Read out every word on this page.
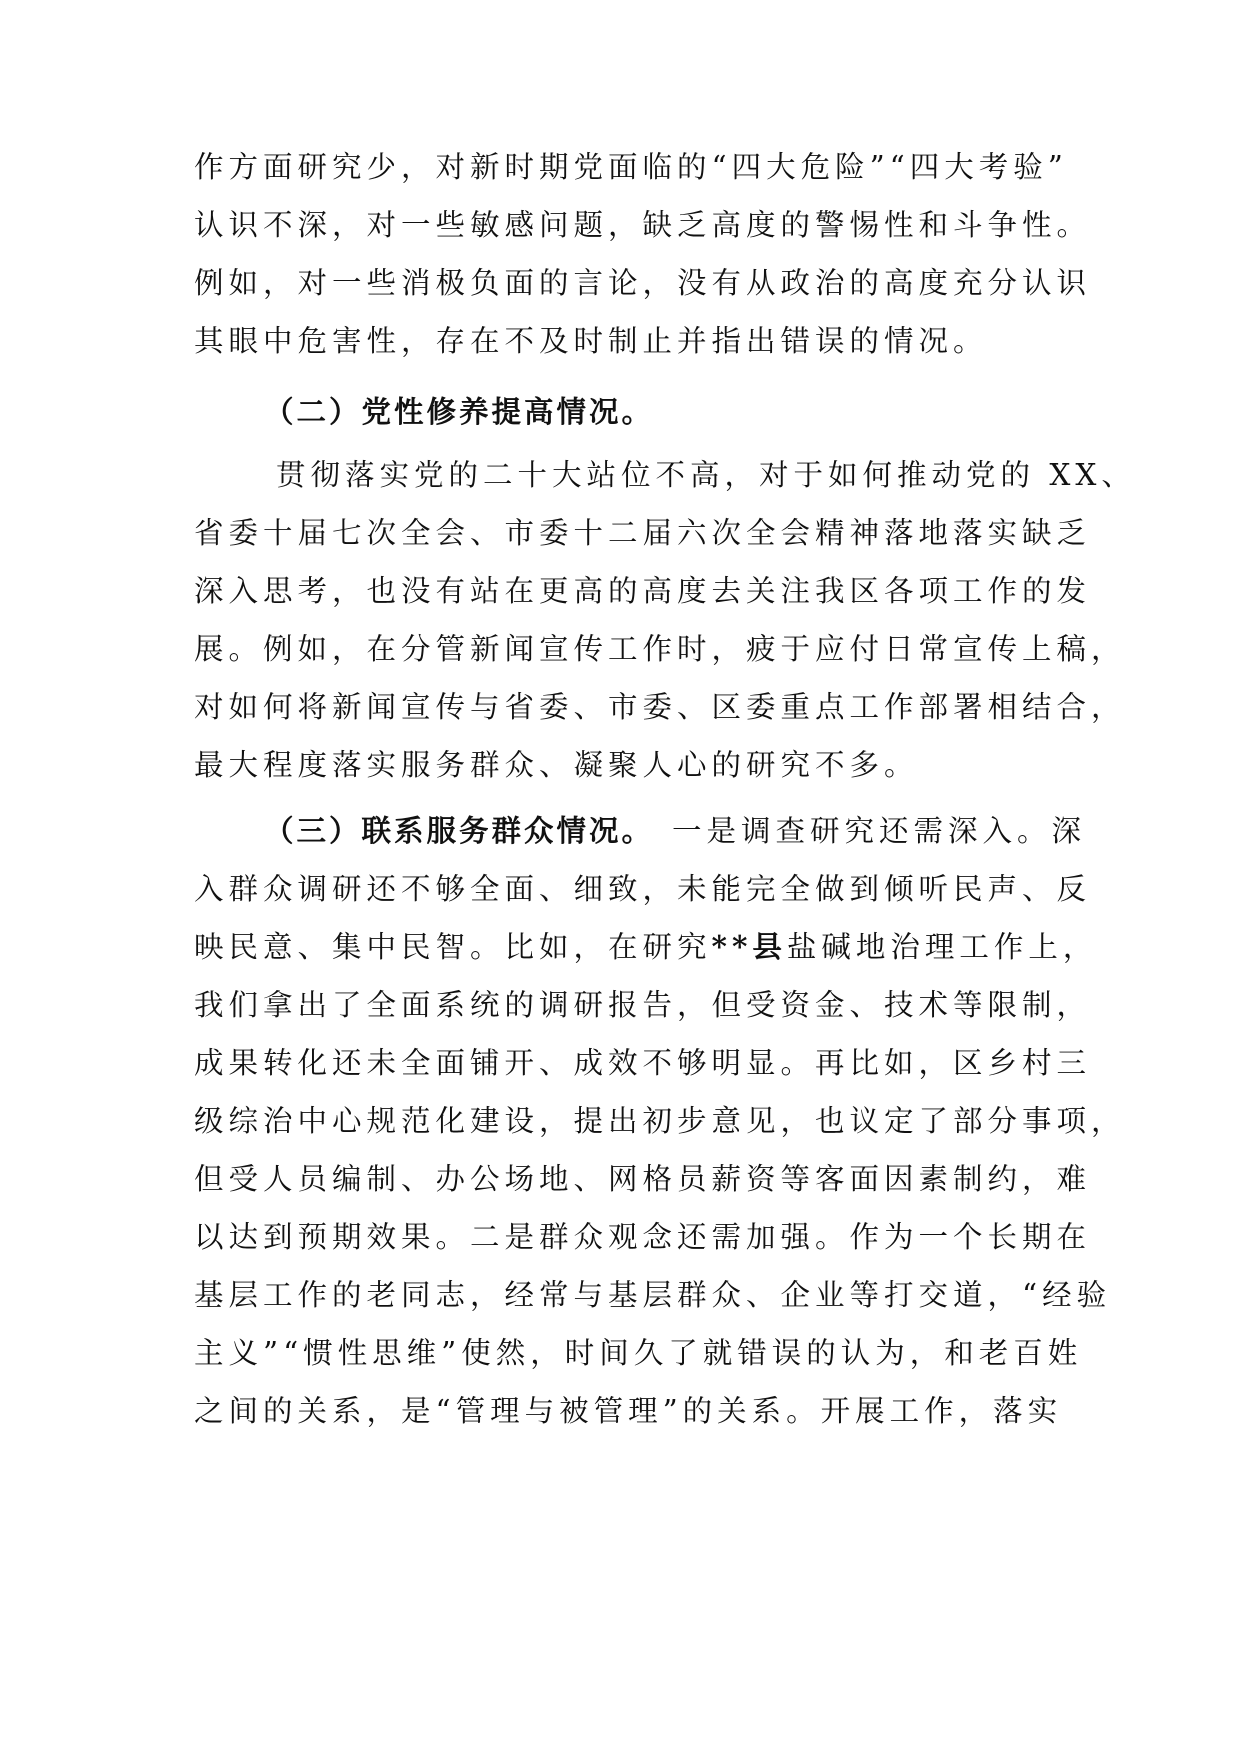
作方面研究少，对新时期党面临的“四大危险”“四大考验”
认识不深，对一些敏感问题，缺乏高度的警惕性和斗争性。
例如，对一些消极负面的言论，没有从政治的高度充分认识
其眼中危害性，存在不及时制止并指出错误的情况。
（二）党性修养提高情况。
贯彻落实党的二十大站位不高，对于如何推动党的 XX、
省委十届七次全会、市委十二届六次全会精神落地落实缺乏
深入思考，也没有站在更高的高度去关注我区各项工作的发
展。例如，在分管新闻宣传工作时，疲于应付日常宣传上稿，
对如何将新闻宣传与省委、市委、区委重点工作部署相结合，
最大程度落实服务群众、凝聚人心的研究不多。
（三）联系服务群众情况。 一是调查研究还需深入。深
入群众调研还不够全面、细致，未能完全做到倾听民声、反
映民意、集中民智。比如，在研究**县盐碱地治理工作上，
我们拿出了全面系统的调研报告，但受资金、技术等限制，
成果转化还未全面铺开、成效不够明显。再比如，区乡村三
级综治中心规范化建设，提出初步意见，也议定了部分事项，
但受人员编制、办公场地、网格员薪资等客面因素制约，难
以达到预期效果。二是群众观念还需加强。作为一个长期在
基层工作的老同志，经常与基层群众、企业等打交道，“经验
主义”“惯性思维”使然，时间久了就错误的认为，和老百姓
之间的关系，是“管理与被管理”的关系。开展工作，落实
